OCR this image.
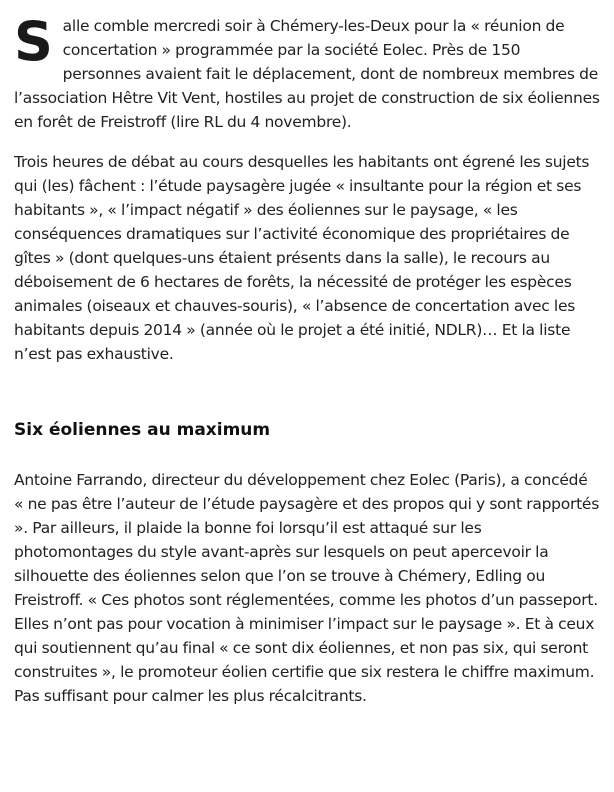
Salle comble mercredi soir à Chémery-les-Deux pour la « réunion de concertation » programmée par la société Eolec. Près de 150 personnes avaient fait le déplacement, dont de nombreux membres de l’association Hêtre Vit Vent, hostiles au projet de construction de six éoliennes en forêt de Freistroff (lire RL du 4 novembre).

Trois heures de débat au cours desquelles les habitants ont égrené les sujets qui (les) fâchent : l’étude paysagère jugée « insultante pour la région et ses habitants », « l’impact négatif » des éoliennes sur le paysage, « les conséquences dramatiques sur l’activité économique des propriétaires de gîtes » (dont quelques-uns étaient présents dans la salle), le recours au déboisement de 6 hectares de forêts, la nécessité de protéger les espèces animales (oiseaux et chauves-souris), « l’absence de concertation avec les habitants depuis 2014 » (année où le projet a été initié, NDLR)… Et la liste n’est pas exhaustive.

Six éoliennes au maximum

Antoine Farrando, directeur du développement chez Eolec (Paris), a concédé « ne pas être l’auteur de l’étude paysagère et des propos qui y sont rapportés ». Par ailleurs, il plaide la bonne foi lorsqu’il est attaqué sur les photomontages du style avant-après sur lesquels on peut apercevoir la silhouette des éoliennes selon que l’on se trouve à Chémery, Edling ou Freistroff. « Ces photos sont réglementées, comme les photos d’un passeport. Elles n’ont pas pour vocation à minimiser l’impact sur le paysage ». Et à ceux qui soutiennent qu’au final « ce sont dix éoliennes, et non pas six, qui seront construites », le promoteur éolien certifie que six restera le chiffre maximum. Pas suffisant pour calmer les plus récalcitrants.
